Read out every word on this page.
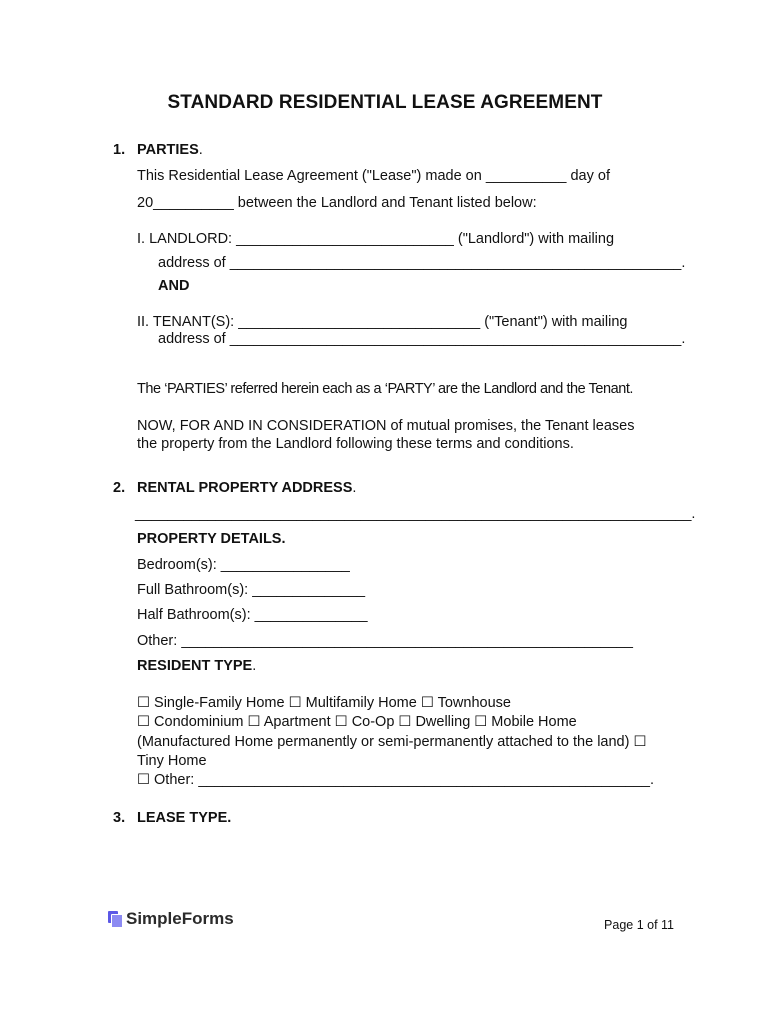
STANDARD RESIDENTIAL LEASE AGREEMENT
1. PARTIES.
This Residential Lease Agreement ("Lease") made on __________ day of
20__________ between the Landlord and Tenant listed below:
I. LANDLORD: ___________________________ ("Landlord") with mailing
address of ________________________________________________________.
AND
II. TENANT(S): ______________________________ ("Tenant") with mailing
address of ________________________________________________________.
The ‘PARTIES’ referred herein each as a ‘PARTY’ are the Landlord and the Tenant.
NOW, FOR AND IN CONSIDERATION of mutual promises, the Tenant leases
the property from the Landlord following these terms and conditions.
2. RENTAL PROPERTY ADDRESS.
_____________________________________________________________________.
PROPERTY DETAILS.
Bedroom(s): ________________
Full Bathroom(s): ______________
Half Bathroom(s): ______________
Other: ________________________________________________________
RESIDENT TYPE.
☐ Single-Family Home ☐ Multifamily Home ☐ Townhouse
☐ Condominium ☐ Apartment ☐ Co-Op ☐ Dwelling ☐ Mobile Home
(Manufactured Home permanently or semi-permanently attached to the land) ☐
Tiny Home
☐ Other: ________________________________________________________.
3. LEASE TYPE.
SimpleForms	Page 1 of 11
